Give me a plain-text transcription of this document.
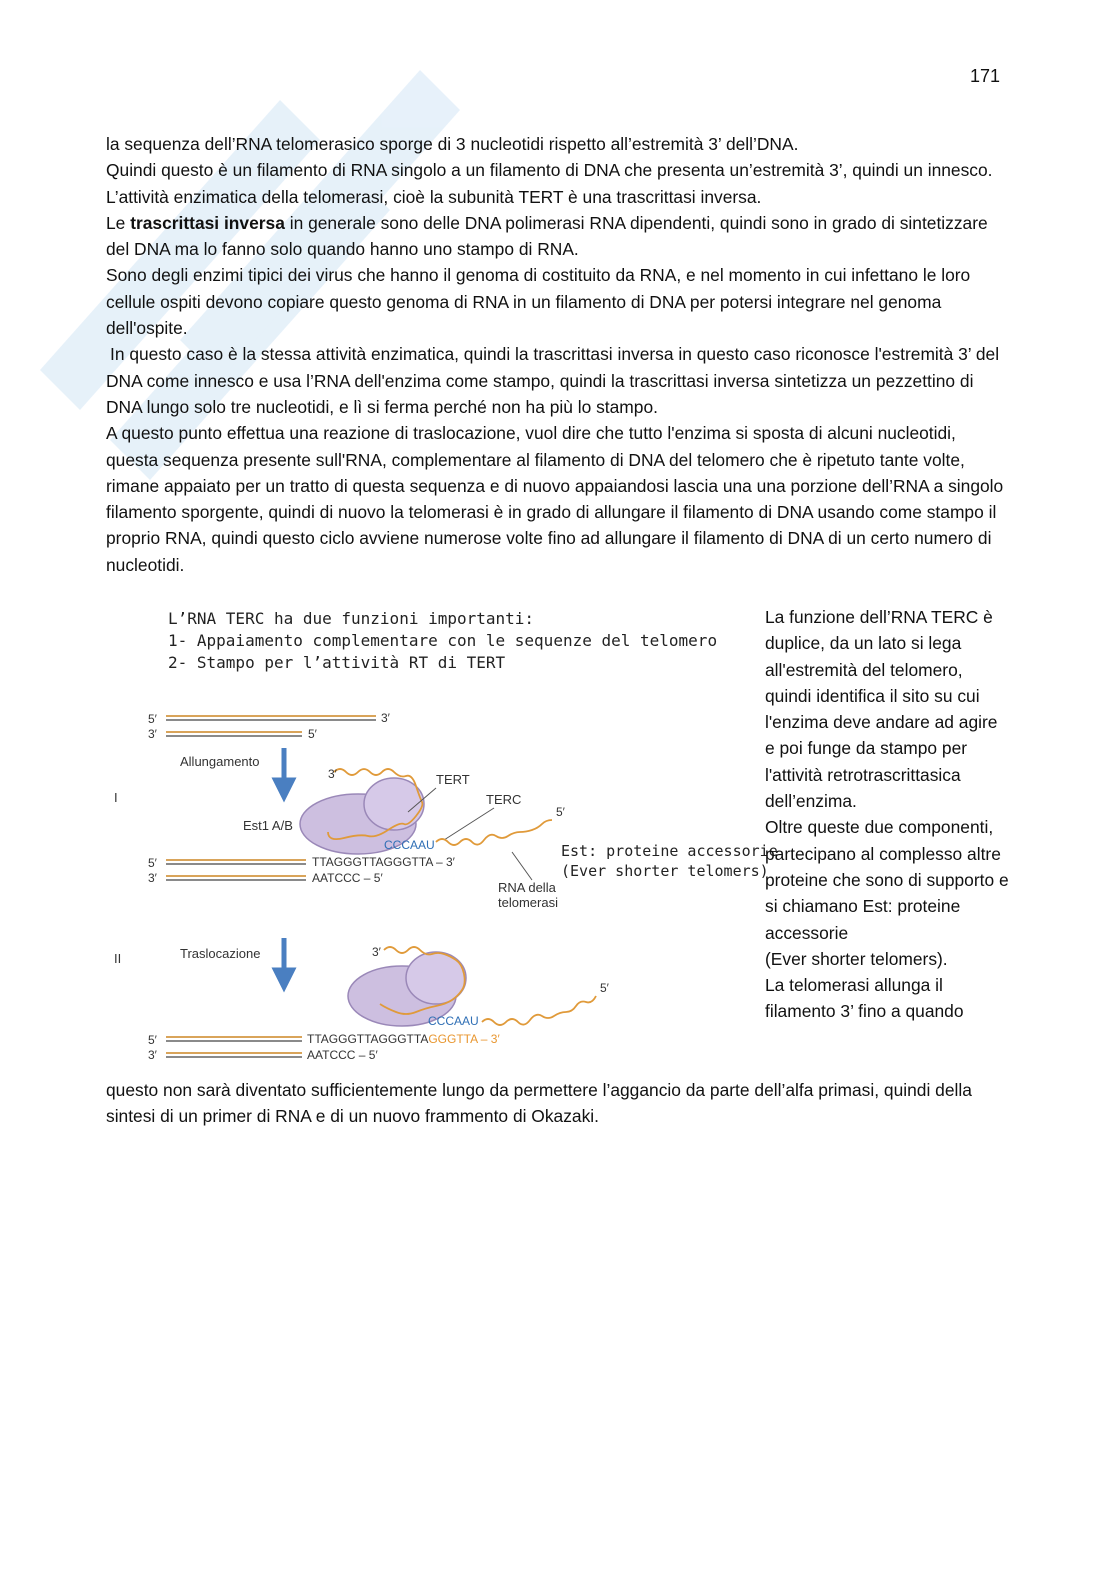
171

la sequenza dell’RNA telomerasico sporge di 3 nucleotidi rispetto all’estremità 3’ dell’DNA.

Quindi questo è un filamento di RNA singolo a un filamento di DNA che presenta un’estremità 3’, quindi un innesco.

L’attività enzimatica della telomerasi, cioè la subunità TERT è una trascrittasi inversa.

Le trascrittasi inversa in generale sono delle DNA polimerasi RNA dipendenti, quindi sono in grado di sintetizzare del DNA ma lo fanno solo quando hanno uno stampo di RNA.

Sono degli enzimi tipici dei virus che hanno il genoma di costituito da RNA, e nel momento in cui infettano le loro cellule ospiti devono copiare questo genoma di RNA in un filamento di DNA per potersi integrare nel genoma dell'ospite.

In questo caso è la stessa attività enzimatica, quindi la trascrittasi inversa in questo caso riconosce l'estremità 3’ del DNA come innesco e usa l’RNA dell'enzima come stampo, quindi la trascrittasi inversa sintetizza un pezzettino di DNA lungo solo tre nucleotidi, e lì si ferma perché non ha più lo stampo.

A questo punto effettua una reazione di traslocazione, vuol dire che tutto l'enzima si sposta di alcuni nucleotidi, questa sequenza presente sull'RNA, complementare al filamento di DNA del telomero che è ripetuto tante volte, rimane appaiato per un tratto di questa sequenza e di nuovo appaiandosi lascia una una porzione dell’RNA a singolo filamento sporgente, quindi di nuovo la telomerasi è in grado di allungare il filamento di DNA usando come stampo il proprio RNA, quindi questo ciclo avviene numerose volte fino ad allungare il filamento di DNA di un certo numero di nucleotidi.

L’RNA TERC ha due funzioni importanti:
1- Appaiamento complementare con le sequenze del telomero
2- Stampo per l’attività RT di TERT
5′
3′
3′
5′
I
Allungamento
3′	TERT
TERC
Est1 A/B
5′
CCCAAU
5′
3′
TTAGGGTTAGGGTTA – 3′
AATCCC – 5′
RNA della
telomerasi
Est: proteine accessorie
(Ever shorter telomers)
II	Traslocazione	3′
5′
CCCAAU
5′
3′
TTAGGGTTAGGGTTAGGGTTA – 3′
AATCCC – 5′

La funzione dell’RNA TERC è duplice, da un lato si lega all'estremità del telomero, quindi identifica il sito su cui l'enzima deve andare ad agire e poi funge da stampo per l'attività retrotrascrittasica dell’enzima.

Oltre queste due componenti, partecipano al complesso altre proteine che sono di supporto e si chiamano Est: proteine accessorie

(Ever shorter telomers).

La telomerasi allunga il filamento 3’ fino a quando

questo non sarà diventato sufficientemente lungo da permettere l’aggancio da parte dell’alfa primasi, quindi della sintesi di un primer di RNA e di un nuovo frammento di Okazaki.
